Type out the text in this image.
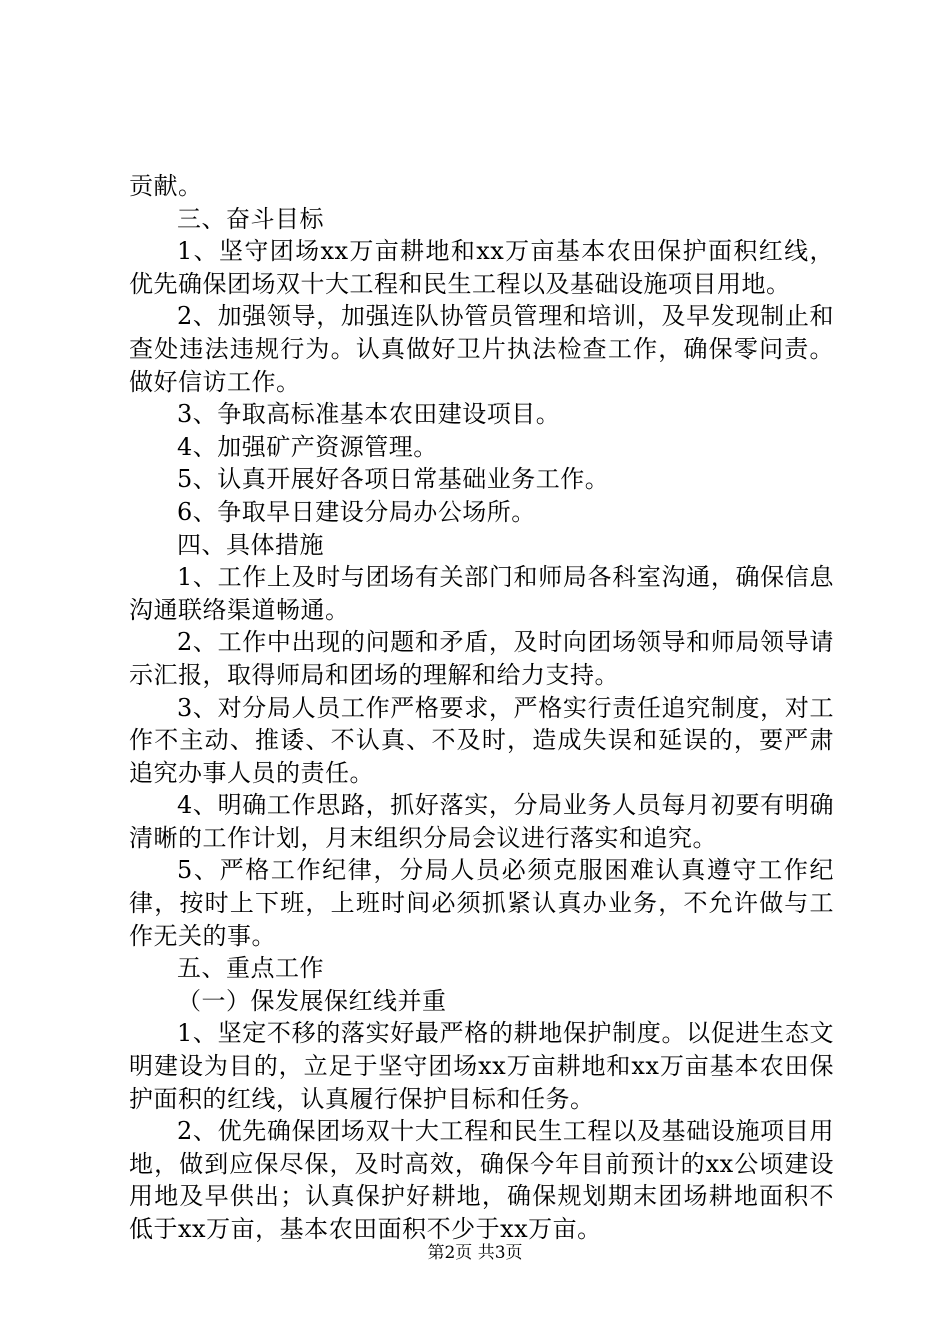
贡献。

三、奋斗目标

1、坚守团场xx万亩耕地和xx万亩基本农田保护面积红线，优先确保团场双十大工程和民生工程以及基础设施项目用地。

2、加强领导，加强连队协管员管理和培训，及早发现制止和查处违法违规行为。认真做好卫片执法检查工作，确保零问责。做好信访工作。

3、争取高标准基本农田建设项目。

4、加强矿产资源管理。

5、认真开展好各项日常基础业务工作。

6、争取早日建设分局办公场所。

四、具体措施

1、工作上及时与团场有关部门和师局各科室沟通，确保信息沟通联络渠道畅通。

2、工作中出现的问题和矛盾，及时向团场领导和师局领导请示汇报，取得师局和团场的理解和给力支持。

3、对分局人员工作严格要求，严格实行责任追究制度，对工作不主动、推诿、不认真、不及时，造成失误和延误的，要严肃追究办事人员的责任。

4、明确工作思路，抓好落实，分局业务人员每月初要有明确清晰的工作计划，月末组织分局会议进行落实和追究。

5、严格工作纪律，分局人员必须克服困难认真遵守工作纪律，按时上下班，上班时间必须抓紧认真办业务，不允许做与工作无关的事。

五、重点工作

（一）保发展保红线并重

1、坚定不移的落实好最严格的耕地保护制度。以促进生态文明建设为目的，立足于坚守团场xx万亩耕地和xx万亩基本农田保护面积的红线，认真履行保护目标和任务。

2、优先确保团场双十大工程和民生工程以及基础设施项目用地，做到应保尽保，及时高效，确保今年目前预计的xx公顷建设用地及早供出；认真保护好耕地，确保规划期末团场耕地面积不低于xx万亩，基本农田面积不少于xx万亩。

第2页 共3页
